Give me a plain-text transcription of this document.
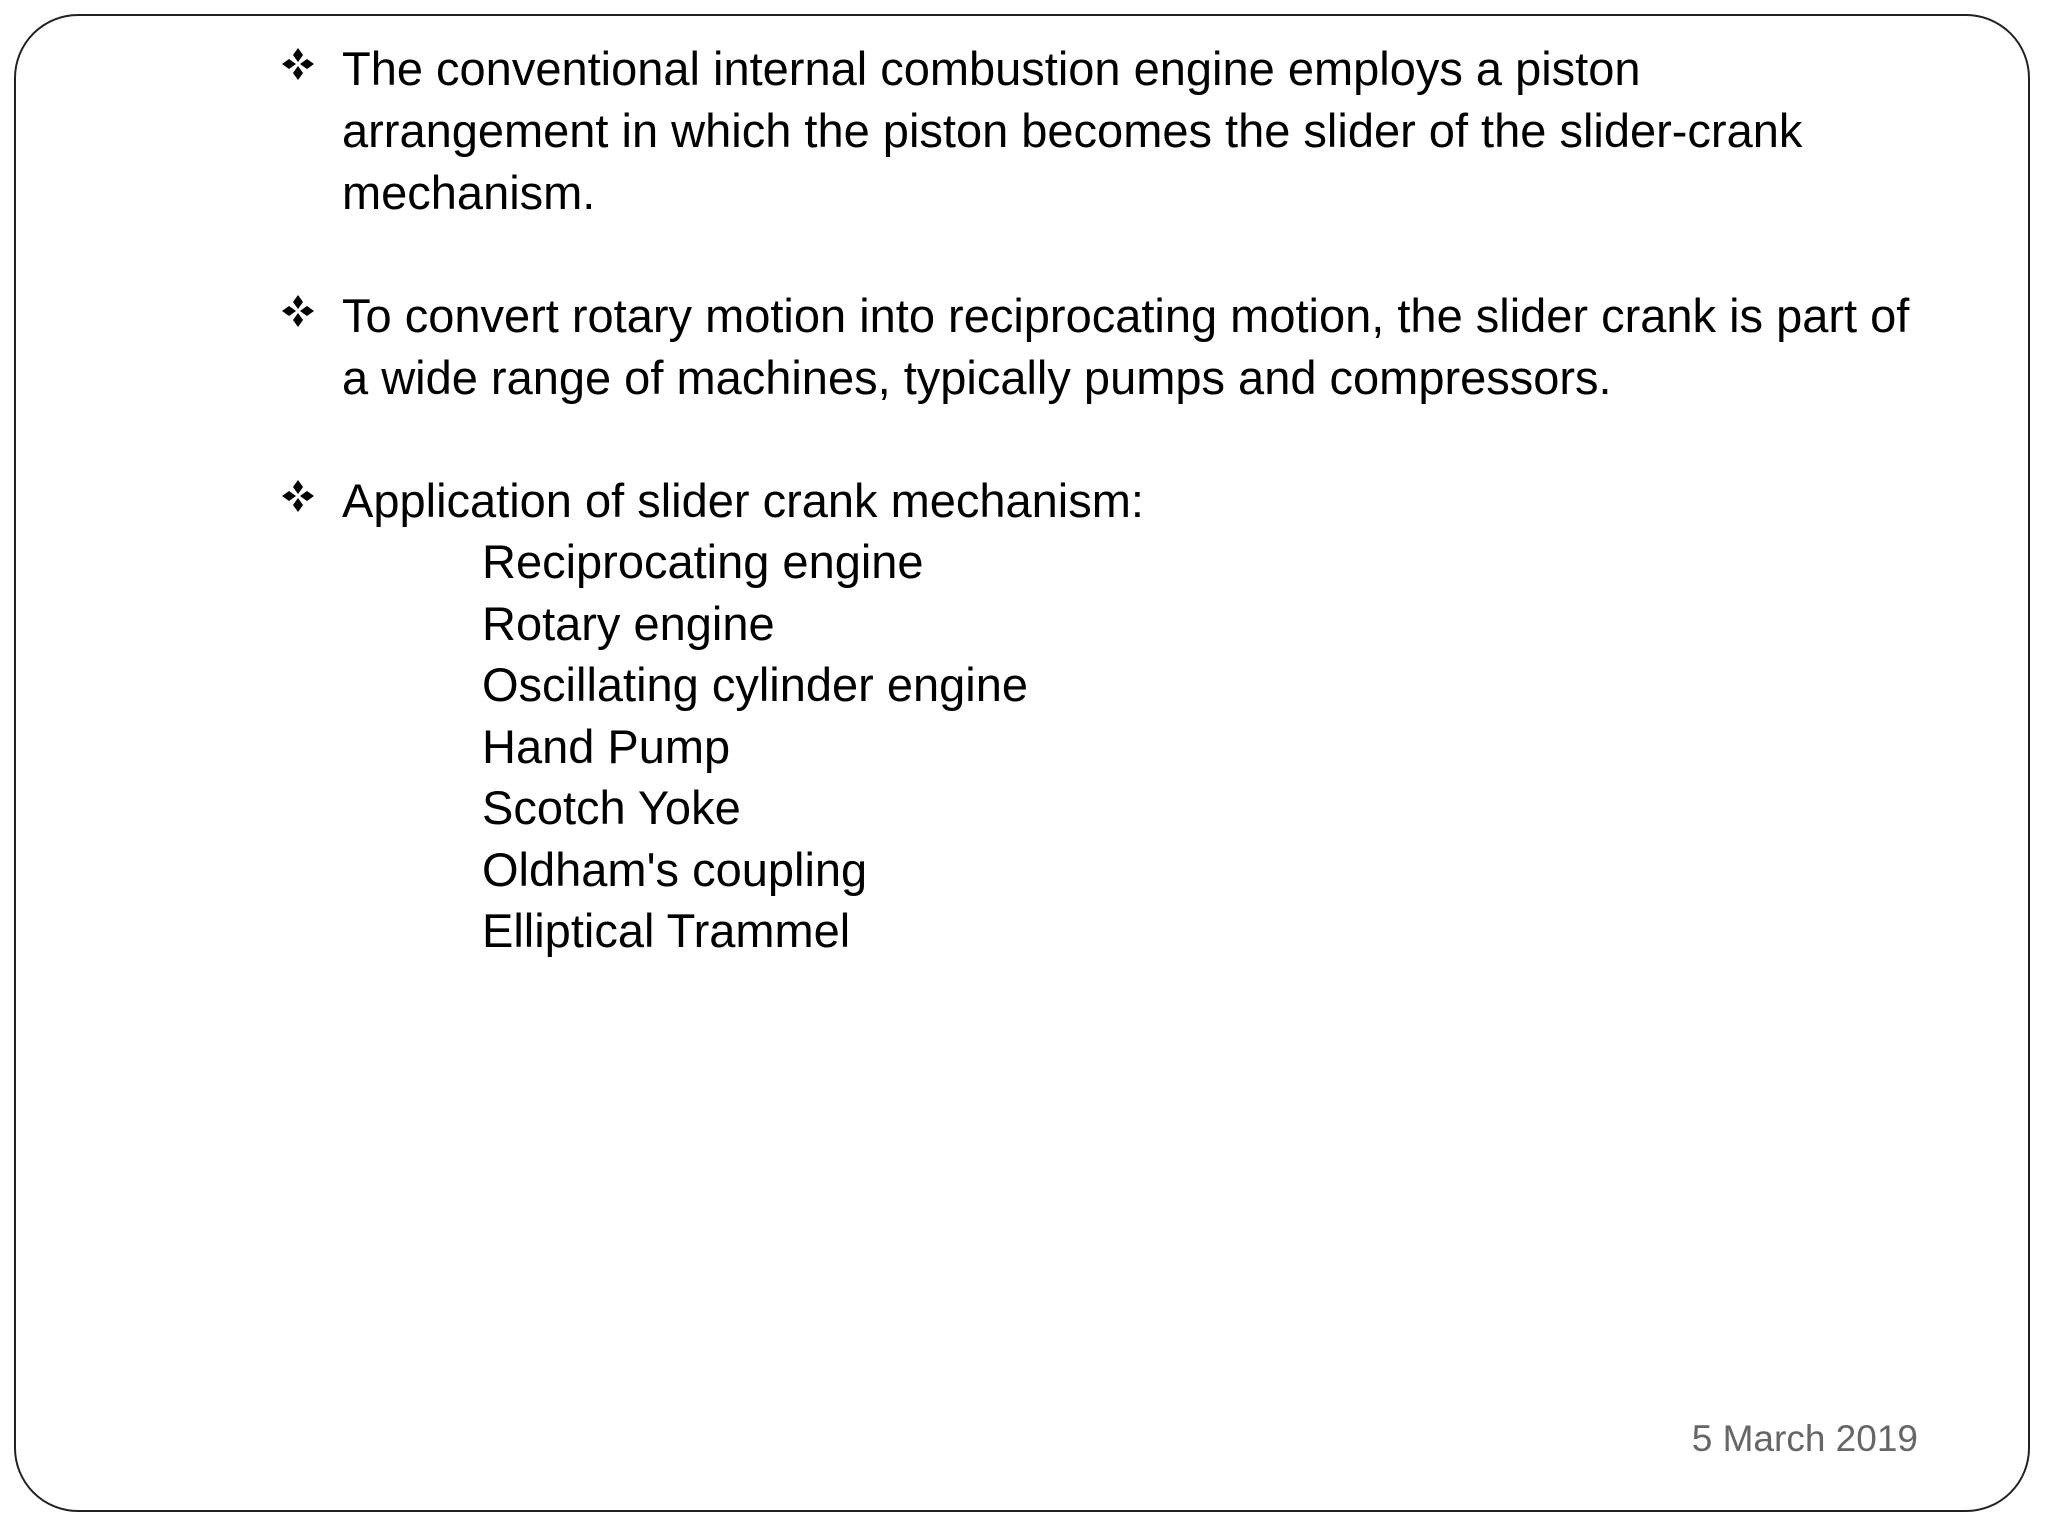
The conventional internal combustion engine employs a piston arrangement in which the piston becomes the slider of the slider-crank mechanism.
To convert rotary motion into reciprocating motion, the slider crank is part of a wide range of machines, typically pumps and compressors.
Application of slider crank mechanism:
Reciprocating engine
Rotary engine
Oscillating cylinder engine
Hand Pump
Scotch Yoke
Oldham's coupling
Elliptical Trammel
5 March 2019
